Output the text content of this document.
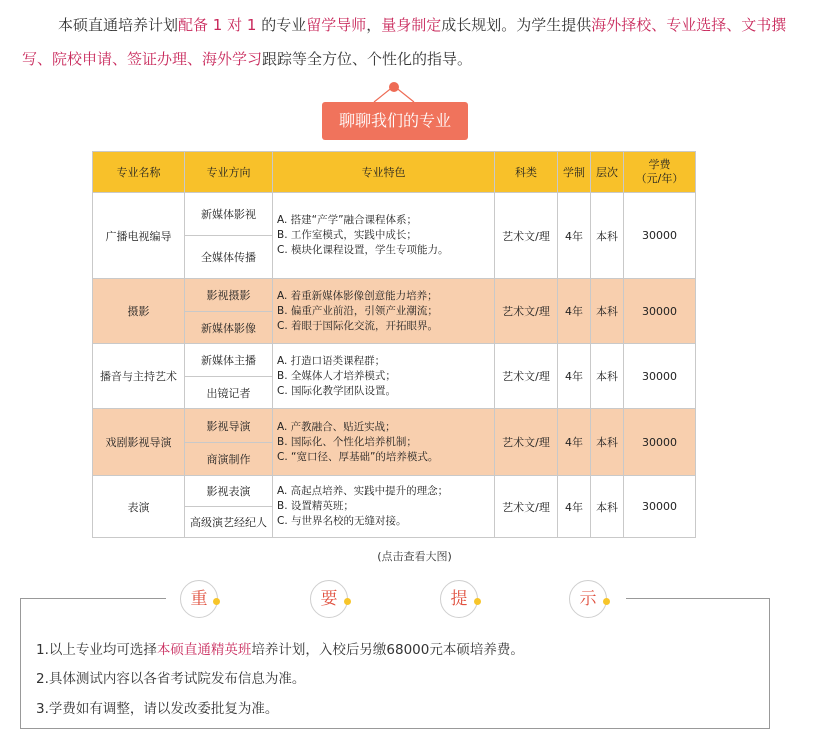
本硕直通培养计划配备 1 对 1 的专业留学导师，量身制定成长规划。为学生提供海外择校、专业选择、文书撰写、院校申请、签证办理、海外学习跟踪等全方位、个性化的指导。
聊聊我们的专业
专业名称	专业方向	专业特色	科类	学制	层次	学费
（元/年）
广播电视编导	新媒体影视	A. 搭建“产学”融合课程体系；
B. 工作室模式，实践中成长；
C. 模块化课程设置，学生专项能力。	艺术文/理	4年	本科	30000
	全媒体传播					
摄影	影视摄影	A. 着重新媒体影像创意能力培养；
B. 偏重产业前沿，引领产业潮流；
C. 着眼于国际化交流，开拓眼界。	艺术文/理	4年	本科	30000
	新媒体影像					
播音与主持艺术	新媒体主播	A. 打造口语类课程群；
B. 全媒体人才培养模式；
C. 国际化教学团队设置。	艺术文/理	4年	本科	30000
	出镜记者					
戏剧影视导演	影视导演	A. 产教融合、贴近实战；
B. 国际化、个性化培养机制；
C. “宽口径、厚基础”的培养模式。	艺术文/理	4年	本科	30000
	商演制作					
表演	影视表演	A. 高起点培养、实践中提升的理念；
B. 设置精英班；
C. 与世界名校的无缝对接。	艺术文/理	4年	本科	30000
	高级演艺经纪人					
(点击查看大图)
重	要	提	示
1.以上专业均可选择本硕直通精英班培养计划，入校后另缴68000元本硕培养费。
2.具体测试内容以各省考试院发布信息为准。
3.学费如有调整，请以发改委批复为准。
